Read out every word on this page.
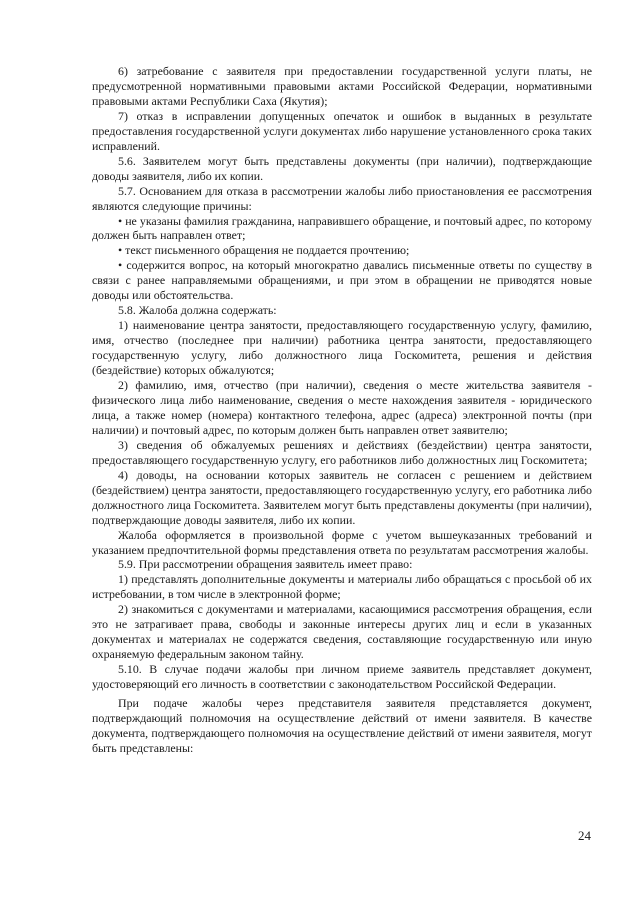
6) затребование с заявителя при предоставлении государственной услуги платы, не предусмотренной нормативными правовыми актами Российской Федерации, нормативными правовыми актами Республики Саха (Якутия);

7) отказ в исправлении допущенных опечаток и ошибок в выданных в результате предоставления государственной услуги документах либо нарушение установленного срока таких исправлений.

5.6. Заявителем могут быть представлены документы (при наличии), подтверждающие доводы заявителя, либо их копии.

5.7. Основанием для отказа в рассмотрении жалобы либо приостановления ее рассмотрения являются следующие причины:

• не указаны фамилия гражданина, направившего обращение, и почтовый адрес, по которому должен быть направлен ответ;

• текст письменного обращения не поддается прочтению;

• содержится вопрос, на который многократно давались письменные ответы по существу в связи с ранее направляемыми обращениями, и при этом в обращении не приводятся новые доводы или обстоятельства.

5.8. Жалоба должна содержать:

1) наименование центра занятости, предоставляющего государственную услугу, фамилию, имя, отчество (последнее при наличии) работника центра занятости, предоставляющего государственную услугу, либо должностного лица Госкомитета, решения и действия (бездействие) которых обжалуются;

2) фамилию, имя, отчество (при наличии), сведения о месте жительства заявителя - физического лица либо наименование, сведения о месте нахождения заявителя - юридического лица, а также номер (номера) контактного телефона, адрес (адреса) электронной почты (при наличии) и почтовый адрес, по которым должен быть направлен ответ заявителю;

3) сведения об обжалуемых решениях и действиях (бездействии) центра занятости, предоставляющего государственную услугу, его работников либо должностных лиц Госкомитета;

4) доводы, на основании которых заявитель не согласен с решением и действием (бездействием) центра занятости, предоставляющего государственную услугу, его работника либо должностного лица Госкомитета. Заявителем могут быть представлены документы (при наличии), подтверждающие доводы заявителя, либо их копии.

Жалоба оформляется в произвольной форме с учетом вышеуказанных требований и указанием предпочтительной формы представления ответа по результатам рассмотрения жалобы.

5.9. При рассмотрении обращения заявитель имеет право:

1) представлять дополнительные документы и материалы либо обращаться с просьбой об их истребовании, в том числе в электронной форме;

2) знакомиться с документами и материалами, касающимися рассмотрения обращения, если это не затрагивает права, свободы и законные интересы других лиц и если в указанных документах и материалах не содержатся сведения, составляющие государственную или иную охраняемую федеральным законом тайну.

5.10. В случае подачи жалобы при личном приеме заявитель представляет документ, удостоверяющий его личность в соответствии с законодательством Российской Федерации.

При подаче жалобы через представителя заявителя представляется документ, подтверждающий полномочия на осуществление действий от имени заявителя. В качестве документа, подтверждающего полномочия на осуществление действий от имени заявителя, могут быть представлены:

24
